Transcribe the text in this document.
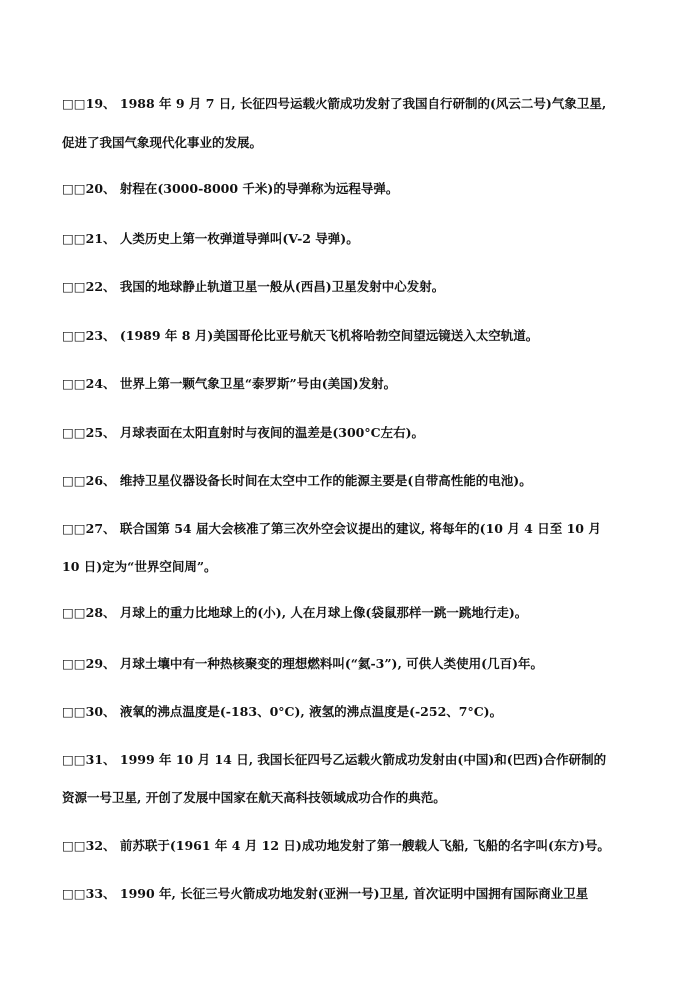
□□19、 1988 年 9 月 7 日, 长征四号运载火箭成功发射了我国自行研制的(风云二号)气象卫星,
促进了我国气象现代化事业的发展。
□□20、 射程在(3000-8000 千米)的导弹称为远程导弹。
□□21、 人类历史上第一枚弹道导弹叫(V-2 导弹)。
□□22、 我国的地球静止轨道卫星一般从(西昌)卫星发射中心发射。
□□23、 (1989 年 8 月)美国哥伦比亚号航天飞机将哈勃空间望远镜送入太空轨道。
□□24、 世界上第一颗气象卫星“泰罗斯”号由(美国)发射。
□□25、 月球表面在太阳直射时与夜间的温差是(300°C左右)。
□□26、 维持卫星仪器设备长时间在太空中工作的能源主要是(自带高性能的电池)。
□□27、 联合国第 54 届大会核准了第三次外空会议提出的建议, 将每年的(10 月 4 日至 10 月
10 日)定为“世界空间周”。
□□28、 月球上的重力比地球上的(小), 人在月球上像(袋鼠那样一跳一跳地行走)。
□□29、 月球土壤中有一种热核聚变的理想燃料叫(“氦-3”), 可供人类使用(几百)年。
□□30、 液氧的沸点温度是(-183、0°C), 液氢的沸点温度是(-252、7°C)。
□□31、 1999 年 10 月 14 日, 我国长征四号乙运载火箭成功发射由(中国)和(巴西)合作研制的
资源一号卫星, 开创了发展中国家在航天高科技领域成功合作的典范。
□□32、 前苏联于(1961 年 4 月 12 日)成功地发射了第一艘载人飞船, 飞船的名字叫(东方)号。
□□33、 1990 年, 长征三号火箭成功地发射(亚洲一号)卫星, 首次证明中国拥有国际商业卫星
